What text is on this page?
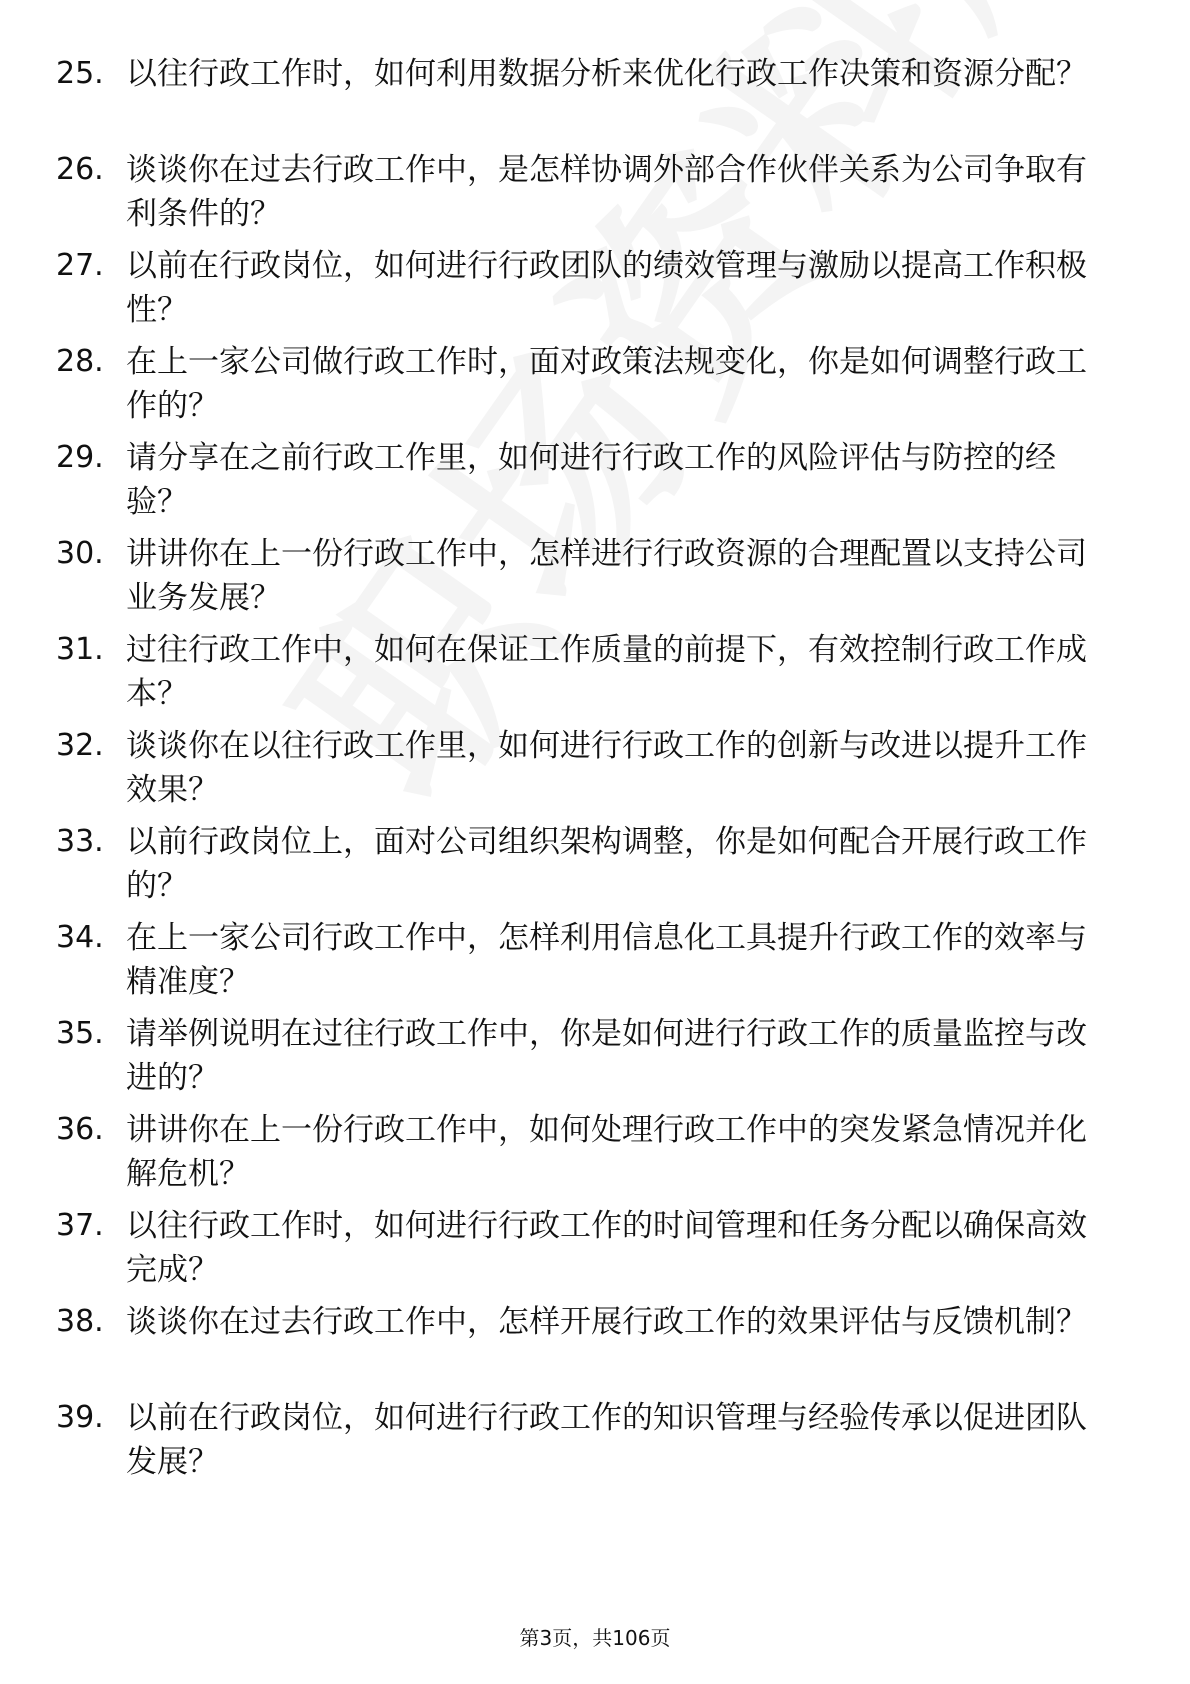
25. 以往行政工作时，如何利用数据分析来优化行政工作决策和资源分配？
26. 谈谈你在过去行政工作中，是怎样协调外部合作伙伴关系为公司争取有利条件的？
27. 以前在行政岗位，如何进行行政团队的绩效管理与激励以提高工作积极性？
28. 在上一家公司做行政工作时，面对政策法规变化，你是如何调整行政工作的？
29. 请分享在之前行政工作里，如何进行行政工作的风险评估与防控的经验？
30. 讲讲你在上一份行政工作中，怎样进行行政资源的合理配置以支持公司业务发展？
31. 过往行政工作中，如何在保证工作质量的前提下，有效控制行政工作成本？
32. 谈谈你在以往行政工作里，如何进行行政工作的创新与改进以提升工作效果？
33. 以前行政岗位上，面对公司组织架构调整，你是如何配合开展行政工作的？
34. 在上一家公司行政工作中，怎样利用信息化工具提升行政工作的效率与精准度？
35. 请举例说明在过往行政工作中，你是如何进行行政工作的质量监控与改进的？
36. 讲讲你在上一份行政工作中，如何处理行政工作中的突发紧急情况并化解危机？
37. 以往行政工作时，如何进行行政工作的时间管理和任务分配以确保高效完成？
38. 谈谈你在过去行政工作中，怎样开展行政工作的效果评估与反馈机制？
39. 以前在行政岗位，如何进行行政工作的知识管理与经验传承以促进团队发展？
第3页，共106页
